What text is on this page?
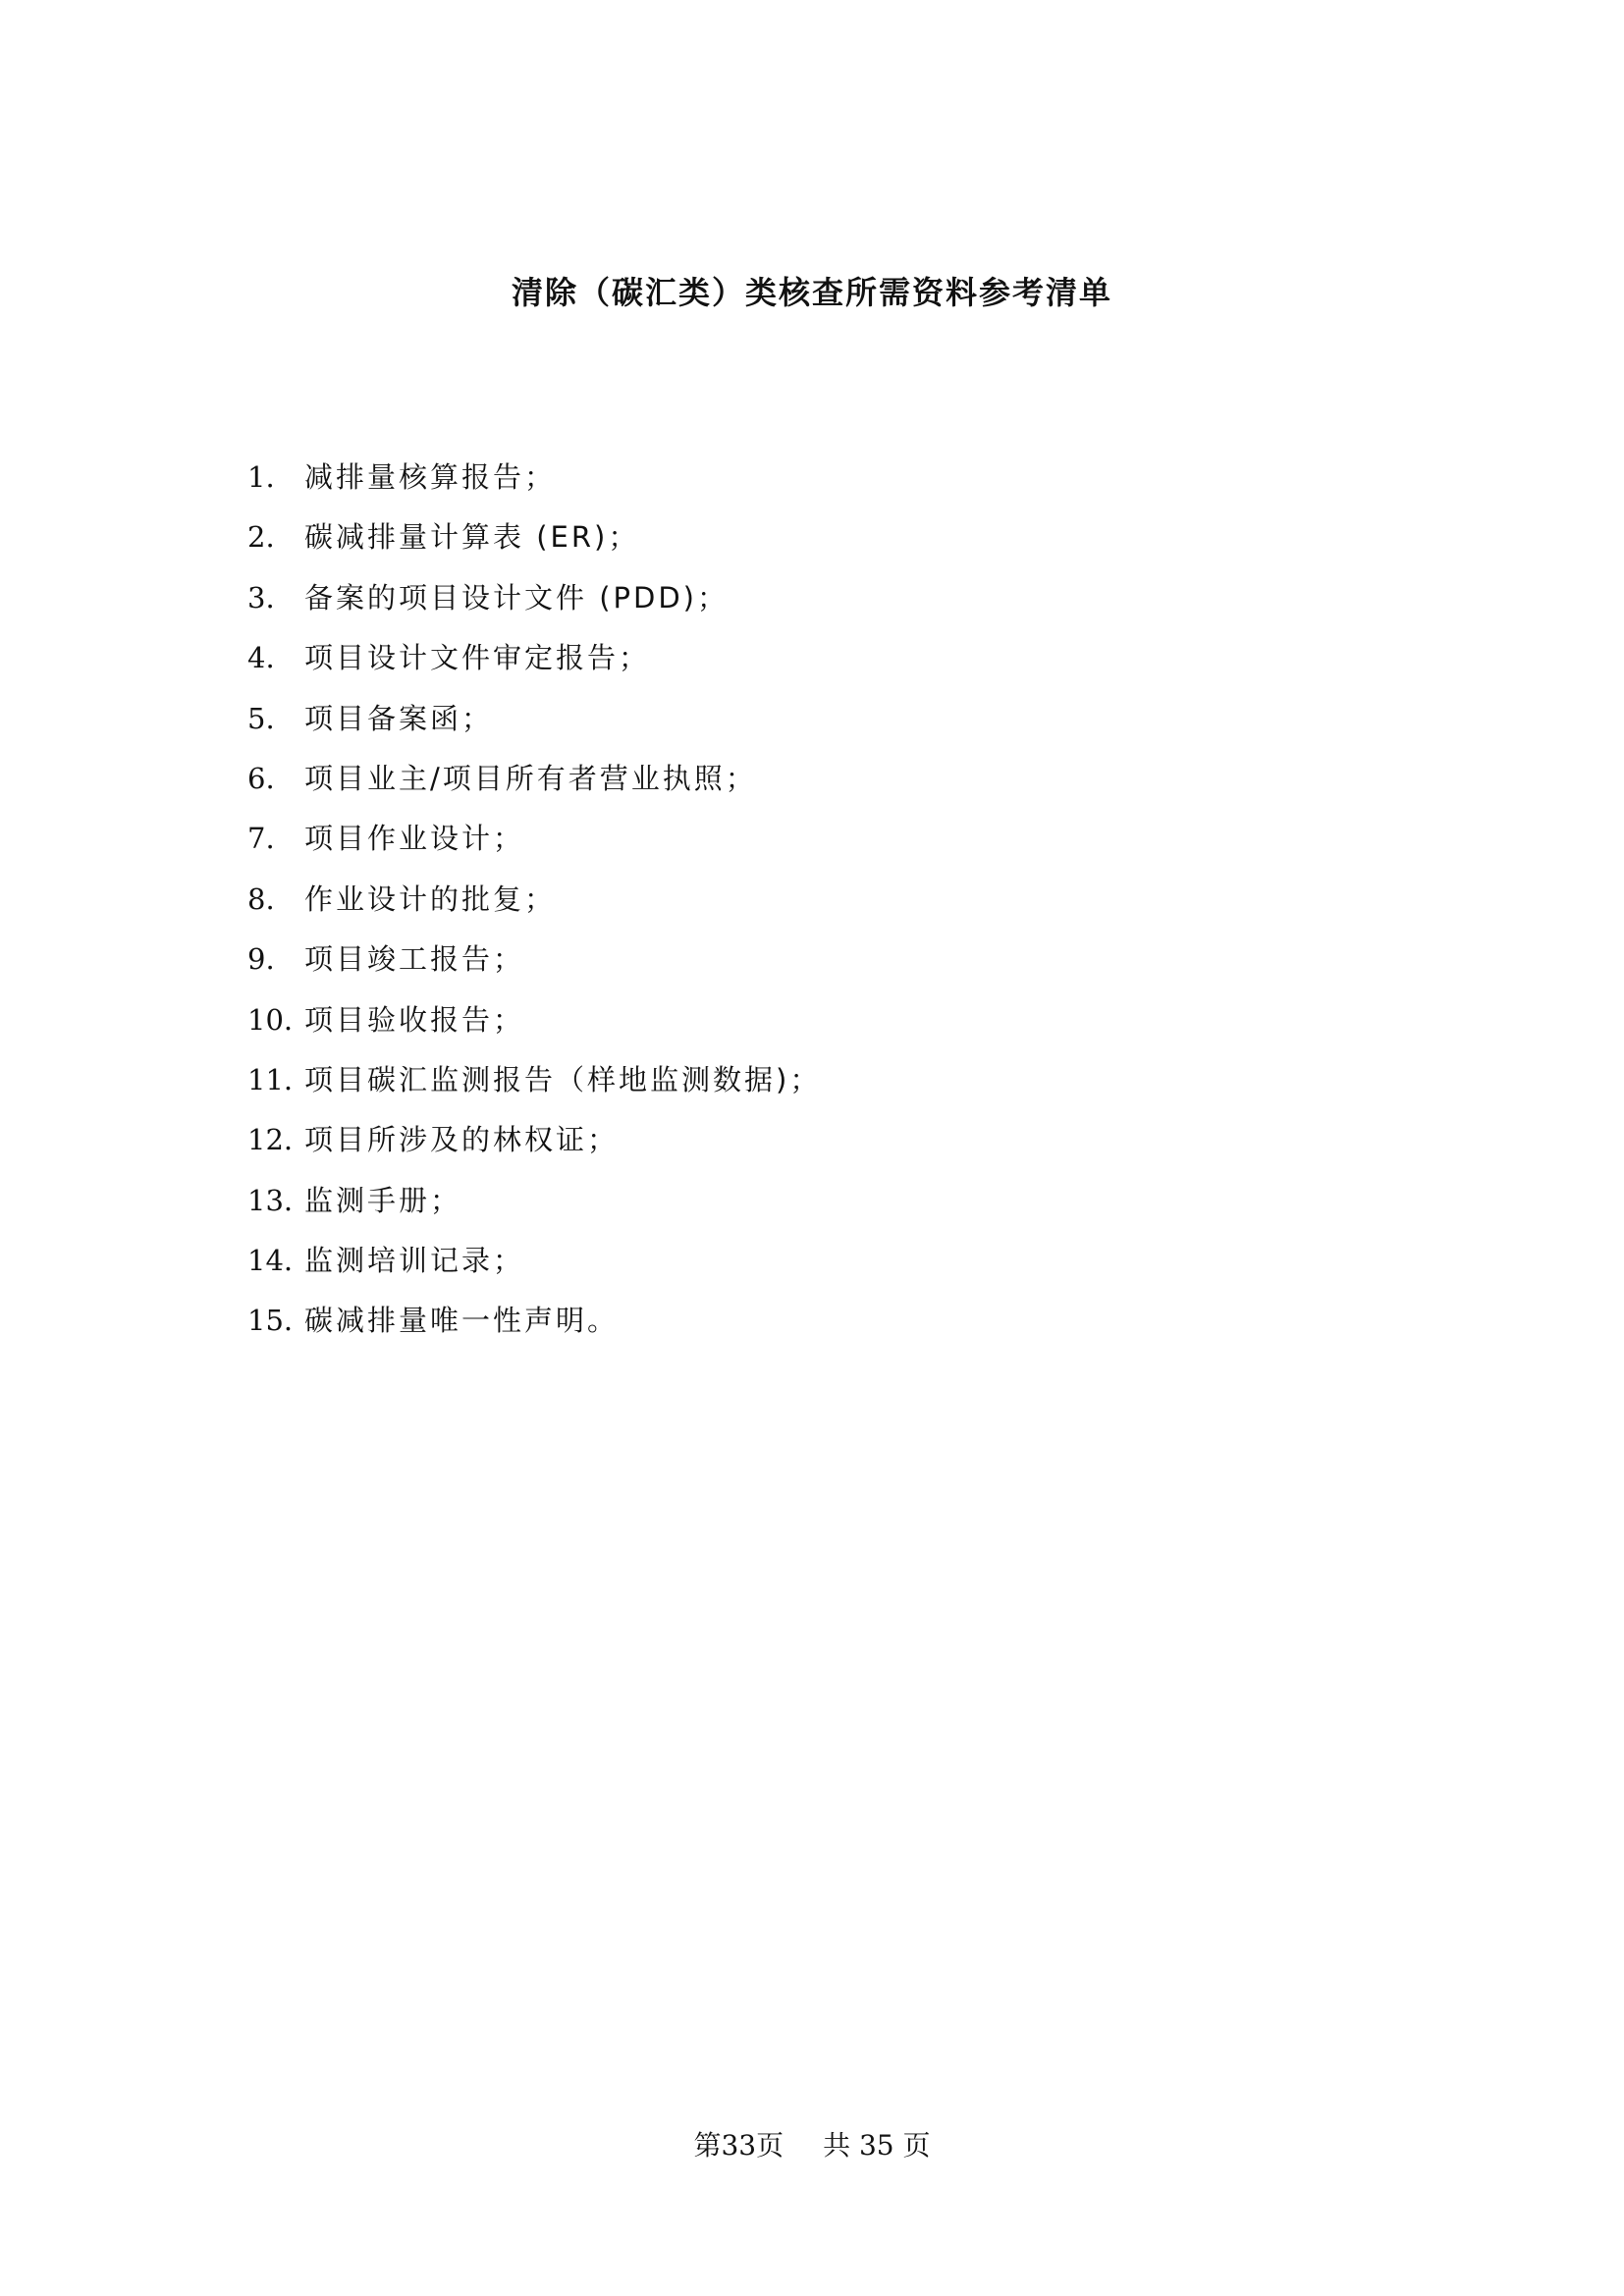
清除（碳汇类）类核查所需资料参考清单
1.	减排量核算报告；
2.	碳减排量计算表 (ER)；
3.	备案的项目设计文件 (PDD)；
4.	项目设计文件审定报告；
5.	项目备案函；
6.	项目业主/项目所有者营业执照；
7.	项目作业设计；
8.	作业设计的批复；
9.	项目竣工报告；
10. 项目验收报告；
11. 项目碳汇监测报告（样地监测数据)；
12. 项目所涉及的林权证；
13. 监测手册；
14. 监测培训记录；
15. 碳减排量唯一性声明。
第33页 共 35 页
